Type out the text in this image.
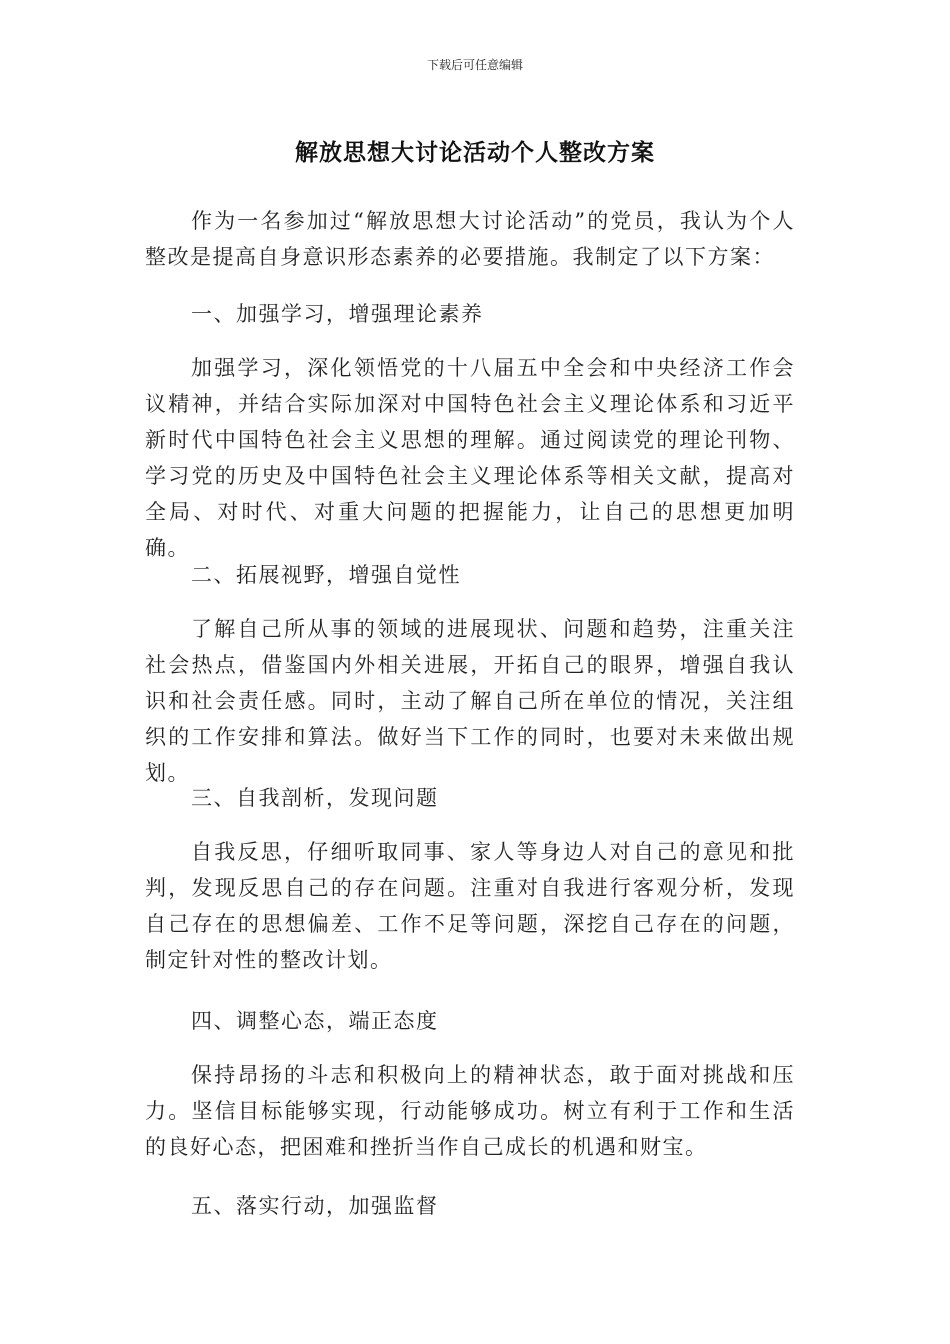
下载后可任意编辑
解放思想大讨论活动个人整改方案

作为一名参加过“解放思想大讨论活动”的党员，我认为个人整改是提高自身意识形态素养的必要措施。我制定了以下方案：

一、加强学习，增强理论素养

加强学习，深化领悟党的十八届五中全会和中央经济工作会议精神，并结合实际加深对中国特色社会主义理论体系和习近平新时代中国特色社会主义思想的理解。通过阅读党的理论刊物、学习党的历史及中国特色社会主义理论体系等相关文献，提高对全局、对时代、对重大问题的把握能力，让自己的思想更加明确。

二、拓展视野，增强自觉性

了解自己所从事的领域的进展现状、问题和趋势，注重关注社会热点，借鉴国内外相关进展，开拓自己的眼界，增强自我认识和社会责任感。同时，主动了解自己所在单位的情况，关注组织的工作安排和算法。做好当下工作的同时，也要对未来做出规划。

三、自我剖析，发现问题

自我反思，仔细听取同事、家人等身边人对自己的意见和批判，发现反思自己的存在问题。注重对自我进行客观分析，发现自己存在的思想偏差、工作不足等问题，深挖自己存在的问题，制定针对性的整改计划。

四、调整心态，端正态度

保持昂扬的斗志和积极向上的精神状态，敢于面对挑战和压力。坚信目标能够实现，行动能够成功。树立有利于工作和生活的良好心态，把困难和挫折当作自己成长的机遇和财宝。

五、落实行动，加强监督
